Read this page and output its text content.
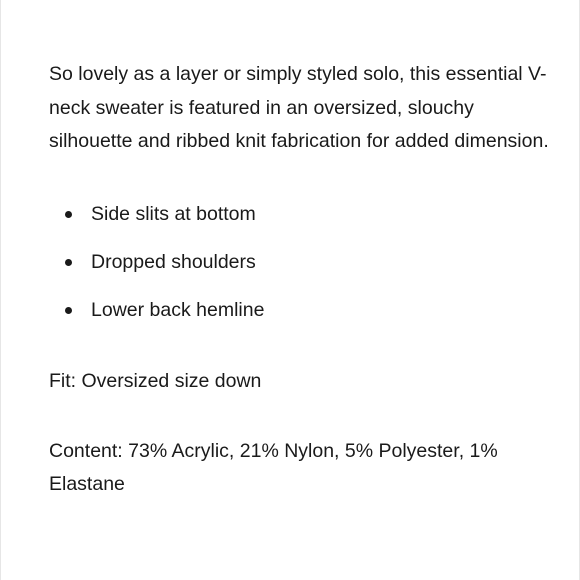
So lovely as a layer or simply styled solo, this essential V-neck sweater is featured in an oversized, slouchy silhouette and ribbed knit fabrication for added dimension.

Side slits at bottom
Dropped shoulders
Lower back hemline

Fit: Oversized size down

Content: 73% Acrylic, 21% Nylon, 5% Polyester, 1% Elastane
